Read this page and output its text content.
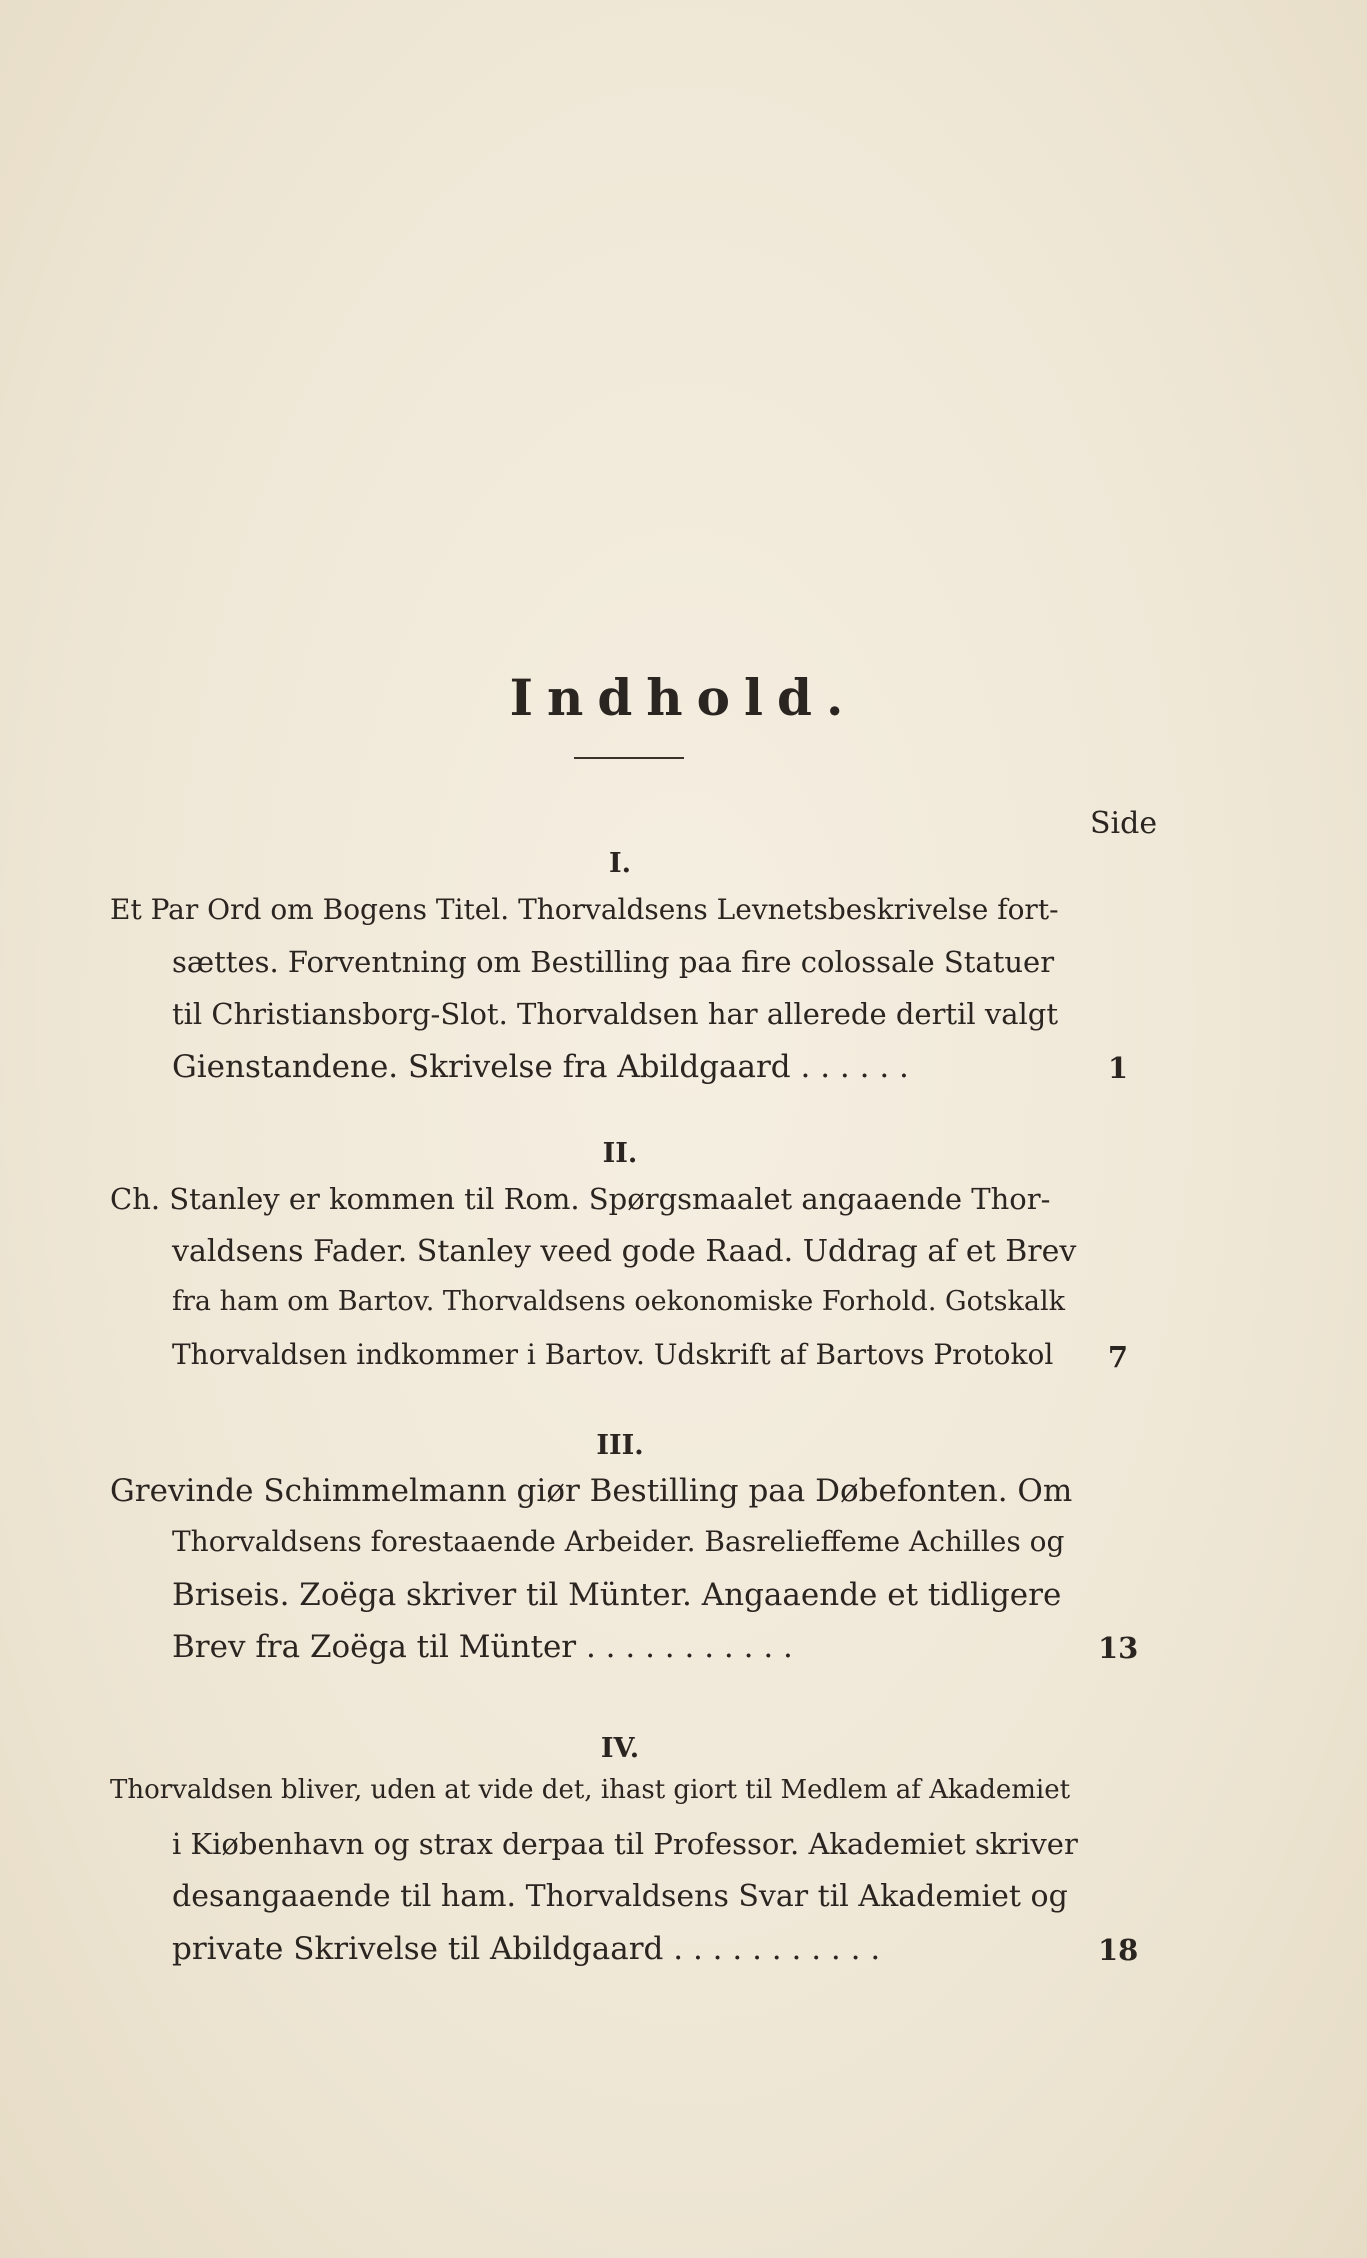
Indhold.
Side
I.
Et Par Ord om Bogens Titel. Thorvaldsens Levnetsbeskrivelse fort-
sættes. Forventning om Bestilling paa fire colossale Statuer
til Christiansborg-Slot. Thorvaldsen har allerede dertil valgt
Gienstandene. Skrivelse fra Abildgaard . . . . . .	1
II.
Ch. Stanley er kommen til Rom. Spørgsmaalet angaaende Thor-
valdsens Fader. Stanley veed gode Raad. Uddrag af et Brev
fra ham om Bartov. Thorvaldsens oekonomiske Forhold. Gotskalk
Thorvaldsen indkommer i Bartov. Udskrift af Bartovs Protokol	7
III.
Grevinde Schimmelmann giør Bestilling paa Døbefonten. Om
Thorvaldsens forestaaende Arbeider. Basrelieffeme Achilles og
Briseis. Zoëga skriver til Münter. Angaaende et tidligere
Brev fra Zoëga til Münter . . . . . . . . . . .	13
IV.
Thorvaldsen bliver, uden at vide det, ihast giort til Medlem af Akademiet
i Kiøbenhavn og strax derpaa til Professor. Akademiet skriver
desangaaende til ham. Thorvaldsens Svar til Akademiet og
private Skrivelse til Abildgaard . . . . . . . . . . .	18
